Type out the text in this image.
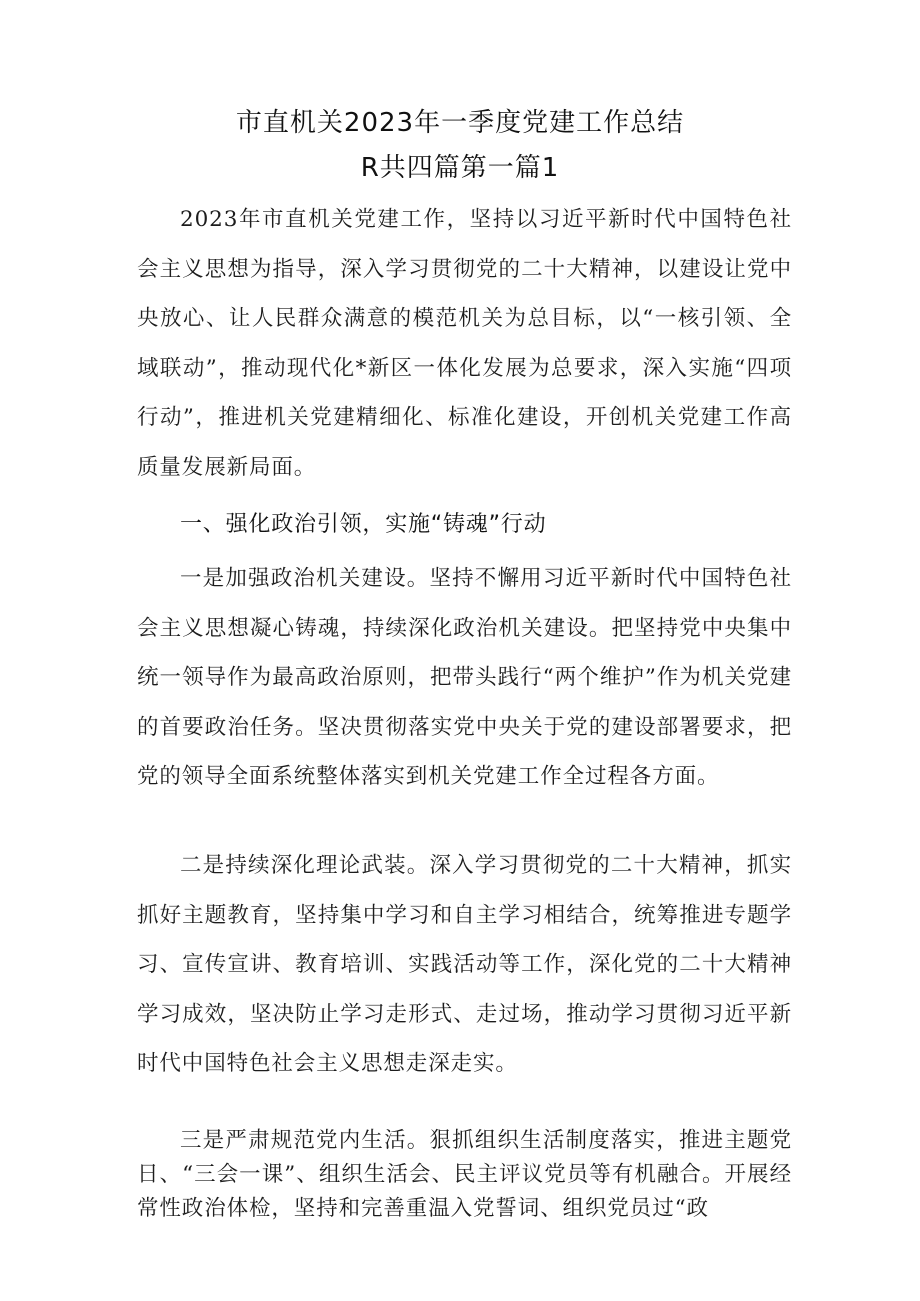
市直机关2023年一季度党建工作总结
R共四篇第一篇1
2023年市直机关党建工作，坚持以习近平新时代中国特色社会主义思想为指导，深入学习贯彻党的二十大精神，以建设让党中央放心、让人民群众满意的模范机关为总目标，以“一核引领、全域联动”，推动现代化*新区一体化发展为总要求，深入实施“四项行动”，推进机关党建精细化、标准化建设，开创机关党建工作高质量发展新局面。
一、强化政治引领，实施“铸魂”行动
一是加强政治机关建设。坚持不懈用习近平新时代中国特色社会主义思想凝心铸魂，持续深化政治机关建设。把坚持党中央集中统一领导作为最高政治原则，把带头践行“两个维护”作为机关党建的首要政治任务。坚决贯彻落实党中央关于党的建设部署要求，把党的领导全面系统整体落实到机关党建工作全过程各方面。
二是持续深化理论武装。深入学习贯彻党的二十大精神，抓实抓好主题教育，坚持集中学习和自主学习相结合，统筹推进专题学习、宣传宣讲、教育培训、实践活动等工作，深化党的二十大精神学习成效，坚决防止学习走形式、走过场，推动学习贯彻习近平新时代中国特色社会主义思想走深走实。
三是严肃规范党内生活。狠抓组织生活制度落实，推进主题党日、“三会一课”、组织生活会、民主评议党员等有机融合。开展经常性政治体检，坚持和完善重温入党誓词、组织党员过“政
